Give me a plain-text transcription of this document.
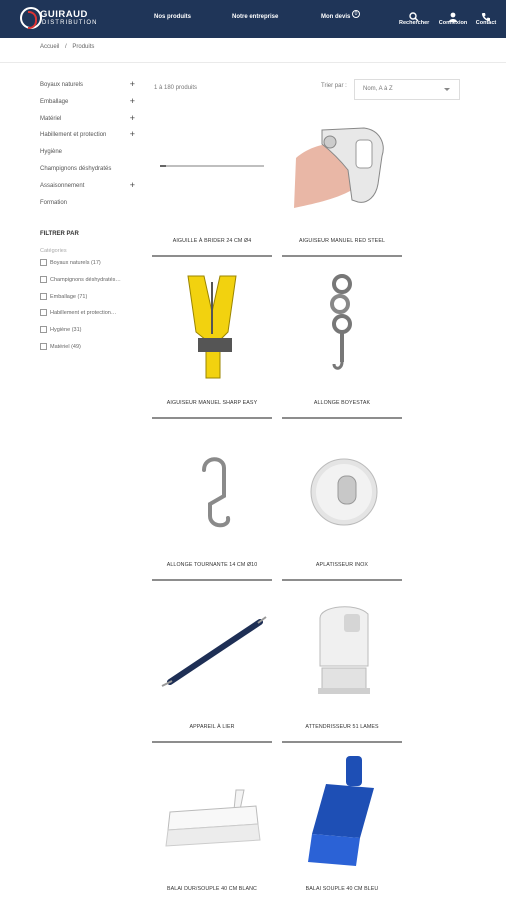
GUIRAUD
DISTRIBUTION
Nos produits	Notre entreprise	Mon devis 0
Rechercher Connexion	Contact
Accueil / Produits
Boyaux naturels	+
Emballage	+
Matériel	+
Habillement et protection	+
Hygiène
Champignons déshydratés
Assaisonnement	+
Formation
FILTRER PAR
Catégories
Boyaux naturels (17)
Champignons déshydratés…
Emballage (71)
Habillement et protection…
Hygiène (31)
Matériel (49)
1 à 180 produits	Trier par :	Nom, A à Z
AIGUILLE À BRIDER 24 CM Ø4	AIGUISEUR MANUEL RED STEEL
AIGUISEUR MANUEL SHARP EASY	ALLONGE BOYESTAK
ALLONGE TOURNANTE 14 CM Ø10	APLATISSEUR INOX
APPAREIL À LIER	ATTENDRISSEUR 51 LAMES
BALAI DUR/SOUPLE 40 CM BLANC	BALAI SOUPLE 40 CM BLEU
